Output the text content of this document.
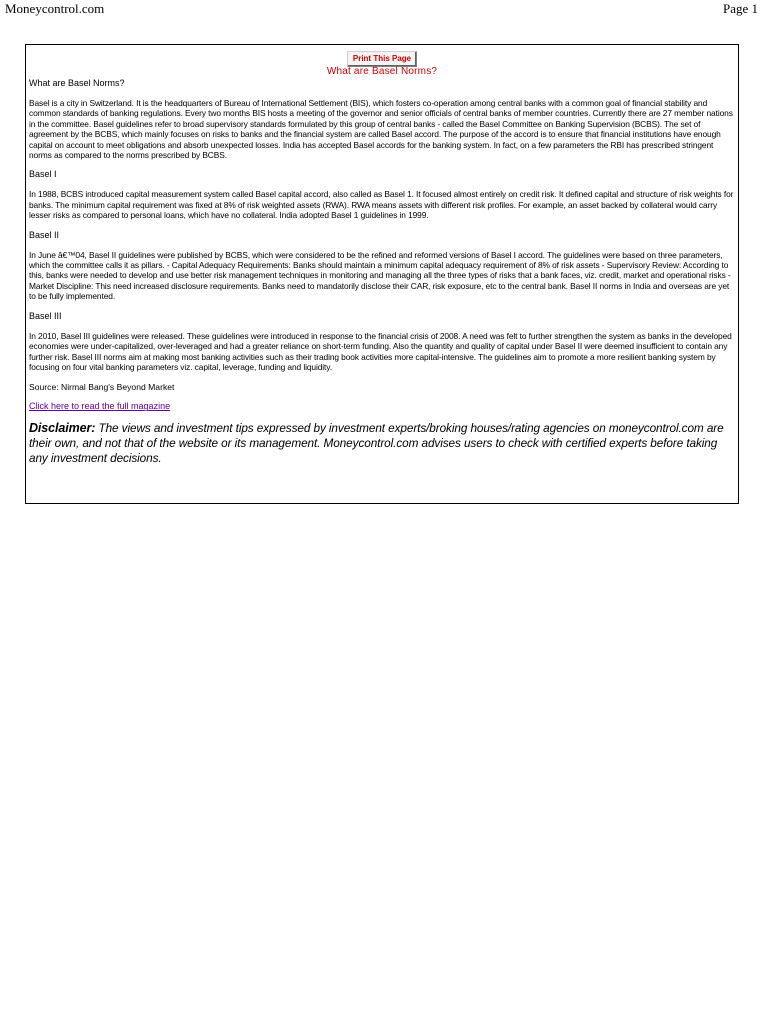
Moneycontrol.com	Page 1
Print This Page
What are Basel Norms?
What are Basel Norms?

Basel is a city in Switzerland. It is the headquarters of Bureau of International Settlement (BIS), which fosters co-operation among central banks with a common goal of financial stability and common standards of banking regulations. Every two months BIS hosts a meeting of the governor and senior officials of central banks of member countries. Currently there are 27 member nations in the committee. Basel guidelines refer to broad supervisory standards formulated by this group of central banks - called the Basel Committee on Banking Supervision (BCBS). The set of agreement by the BCBS, which mainly focuses on risks to banks and the financial system are called Basel accord. The purpose of the accord is to ensure that financial institutions have enough capital on account to meet obligations and absorb unexpected losses. India has accepted Basel accords for the banking system. In fact, on a few parameters the RBI has prescribed stringent norms as compared to the norms prescribed by BCBS.

Basel I

In 1988, BCBS introduced capital measurement system called Basel capital accord, also called as Basel 1. It focused almost entirely on credit risk. It defined capital and structure of risk weights for banks. The minimum capital requirement was fixed at 8% of risk weighted assets (RWA). RWA means assets with different risk profiles. For example, an asset backed by collateral would carry lesser risks as compared to personal loans, which have no collateral. India adopted Basel 1 guidelines in 1999.

Basel II

In June â€™04, Basel II guidelines were published by BCBS, which were considered to be the refined and reformed versions of Basel I accord. The guidelines were based on three parameters, which the committee calls it as pillars. - Capital Adequacy Requirements: Banks should maintain a minimum capital adequacy requirement of 8% of risk assets - Supervisory Review: According to this, banks were needed to develop and use better risk management techniques in monitoring and managing all the three types of risks that a bank faces, viz. credit, market and operational risks - Market Discipline: This need increased disclosure requirements. Banks need to mandatorily disclose their CAR, risk exposure, etc to the central bank. Basel II norms in India and overseas are yet to be fully implemented.

Basel III

In 2010, Basel III guidelines were released. These guidelines were introduced in response to the financial crisis of 2008. A need was felt to further strengthen the system as banks in the developed economies were under-capitalized, over-leveraged and had a greater reliance on short-term funding. Also the quantity and quality of capital under Basel II were deemed insufficient to contain any further risk. Basel III norms aim at making most banking activities such as their trading book activities more capital-intensive. The guidelines aim to promote a more resilient banking system by focusing on four vital banking parameters viz. capital, leverage, funding and liquidity.

Source: Nirmal Bang's Beyond Market

Click here to read the full magazine

Disclaimer: The views and investment tips expressed by investment experts/broking houses/rating agencies on moneycontrol.com are their own, and not that of the website or its management. Moneycontrol.com advises users to check with certified experts before taking any investment decisions.
